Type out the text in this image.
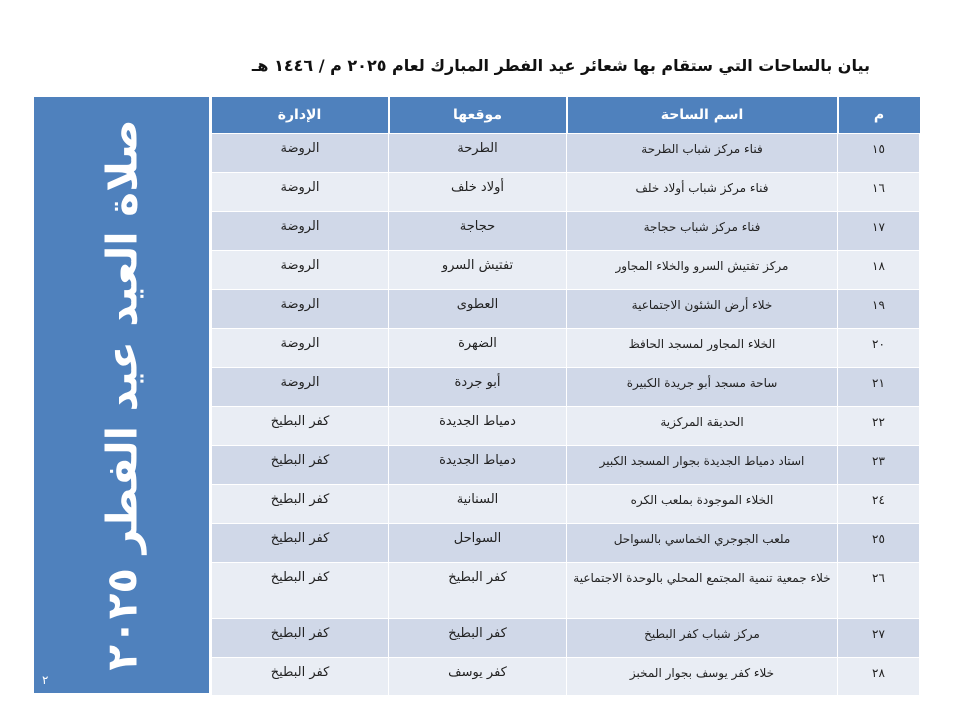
بيان بالساحات التي ستقام بها شعائر عيد الفطر المبارك لعام ٢٠٢٥ م / ١٤٤٦ هـ
صلاة العيد عيد الفطر ٢٠٢٥
٢
م	اسم الساحة	موقعها	الإدارة
١٥	فناء مركز شباب الطرحة	الطرحة	الروضة
١٦	فناء مركز شباب أولاد خلف	أولاد خلف	الروضة
١٧	فناء مركز شباب حجاجة	حجاجة	الروضة
١٨	مركز تفتيش السرو والخلاء المجاور	تفتيش السرو	الروضة
١٩	خلاء أرض الشئون الاجتماعية	العطوى	الروضة
٢٠	الخلاء المجاور لمسجد الحافظ	الضهرة	الروضة
٢١	ساحة مسجد أبو جريدة الكبيرة	أبو جردة	الروضة
٢٢	الحديقة المركزية	دمياط الجديدة	كفر البطيخ
٢٣	استاد دمياط الجديدة بجوار المسجد الكبير	دمياط الجديدة	كفر البطيخ
٢٤	الخلاء الموجودة بملعب الكره	السنانية	كفر البطيخ
٢٥	ملعب الجوجري الخماسي بالسواحل	السواحل	كفر البطيخ
٢٦	خلاء جمعية تنمية المجتمع المحلي بالوحدة الاجتماعية	كفر البطيخ	كفر البطيخ
٢٧	مركز شباب كفر البطيخ	كفر البطيخ	كفر البطيخ
٢٨	خلاء كفر يوسف بجوار المخبز	كفر يوسف	كفر البطيخ
